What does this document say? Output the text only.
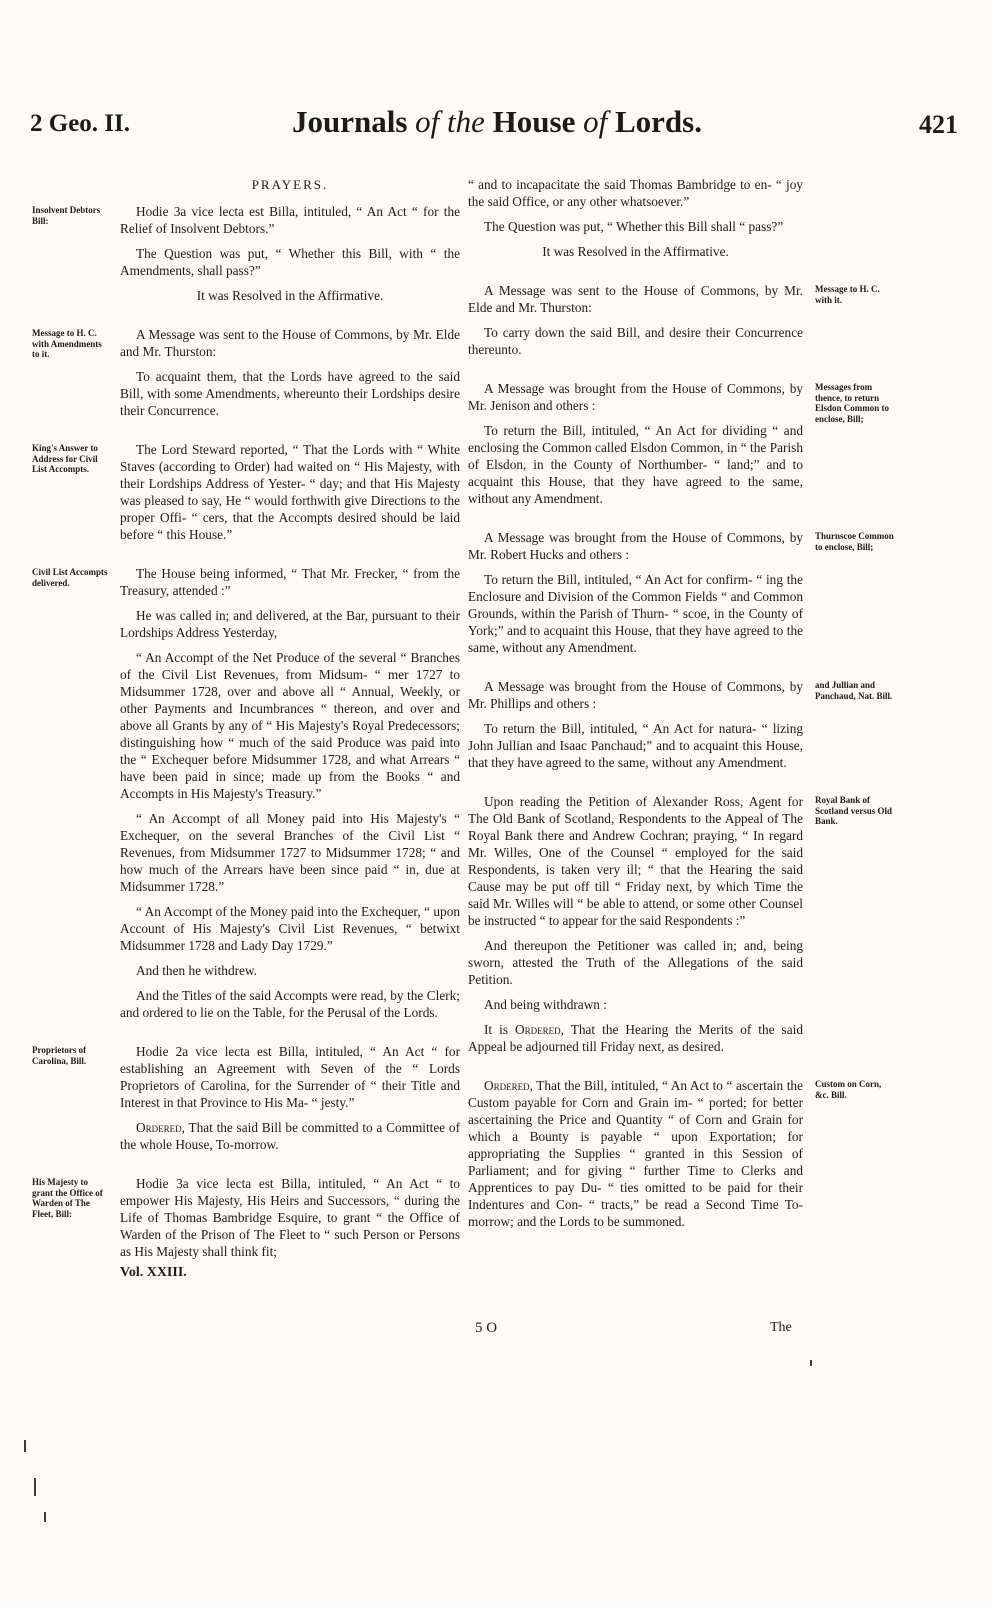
2 Geo. II.	Journals of the House of Lords.	421
PRAYERS.
Insolvent Debtors Bill:

Hodie 3a vice lecta est Billa, intituled, “ An Act “ for the Relief of Insolvent Debtors.”

The Question was put, “ Whether this Bill, with “ the Amendments, shall pass?”

It was Resolved in the Affirmative.

Message to H. C. with Amendments to it.

A Message was sent to the House of Commons, by Mr. Elde and Mr. Thurston:

To acquaint them, that the Lords have agreed to the said Bill, with some Amendments, whereunto their Lordships desire their Concurrence.

King's Answer to Address for Civil List Accompts.

The Lord Steward reported, “ That the Lords with “ White Staves (according to Order) had waited on “ His Majesty, with their Lordships Address of Yester- “ day; and that His Majesty was pleased to say, He “ would forthwith give Directions to the proper Offi- “ cers, that the Accompts desired should be laid before “ this House.”

Civil List Accompts delivered.

The House being informed, “ That Mr. Frecker, “ from the Treasury, attended :”

He was called in; and delivered, at the Bar, pursuant to their Lordships Address Yesterday,

“ An Accompt of the Net Produce of the several “ Branches of the Civil List Revenues, from Midsum- “ mer 1727 to Midsummer 1728, over and above all “ Annual, Weekly, or other Payments and Incumbrances “ thereon, and over and above all Grants by any of “ His Majesty's Royal Predecessors; distinguishing how “ much of the said Produce was paid into the “ Exchequer before Midsummer 1728, and what Arrears “ have been paid in since; made up from the Books “ and Accompts in His Majesty's Treasury.”

“ An Accompt of all Money paid into His Majesty's “ Exchequer, on the several Branches of the Civil List “ Revenues, from Midsummer 1727 to Midsummer 1728; “ and how much of the Arrears have been since paid “ in, due at Midsummer 1728.”

“ An Accompt of the Money paid into the Exchequer, “ upon Account of His Majesty's Civil List Revenues, “ betwixt Midsummer 1728 and Lady Day 1729.”

And then he withdrew.

And the Titles of the said Accompts were read, by the Clerk; and ordered to lie on the Table, for the Perusal of the Lords.

Proprietors of Carolina, Bill.

Hodie 2a vice lecta est Billa, intituled, “ An Act “ for establishing an Agreement with Seven of the “ Lords Proprietors of Carolina, for the Surrender of “ their Title and Interest in that Province to His Ma- “ jesty.”

Ordered, That the said Bill be committed to a Committee of the whole House, To-morrow.

His Majesty to grant the Office of Warden of The Fleet, Bill:

Hodie 3a vice lecta est Billa, intituled, “ An Act “ to empower His Majesty, His Heirs and Successors, “ during the Life of Thomas Bambridge Esquire, to grant “ the Office of Warden of the Prison of The Fleet to “ such Person or Persons as His Majesty shall think fit;

Vol. XXIII.

“ and to incapacitate the said Thomas Bambridge to en- “ joy the said Office, or any other whatsoever.”

The Question was put, “ Whether this Bill shall “ pass?”

It was Resolved in the Affirmative.

Message to H. C. with it.

A Message was sent to the House of Commons, by Mr. Elde and Mr. Thurston:

To carry down the said Bill, and desire their Concurrence thereunto.

Messages from thence, to return Elsdon Common to enclose, Bill;

A Message was brought from the House of Commons, by Mr. Jenison and others :

To return the Bill, intituled, “ An Act for dividing “ and enclosing the Common called Elsdon Common, in “ the Parish of Elsdon, in the County of Northumber- “ land;” and to acquaint this House, that they have agreed to the same, without any Amendment.

Thurnscoe Common to enclose, Bill;

A Message was brought from the House of Commons, by Mr. Robert Hucks and others :

To return the Bill, intituled, “ An Act for confirm- “ ing the Enclosure and Division of the Common Fields “ and Common Grounds, within the Parish of Thurn- “ scoe, in the County of York;” and to acquaint this House, that they have agreed to the same, without any Amendment.

and Jullian and Panchaud, Nat. Bill.

A Message was brought from the House of Commons, by Mr. Phillips and others :

To return the Bill, intituled, “ An Act for natura- “ lizing John Jullian and Isaac Panchaud;” and to acquaint this House, that they have agreed to the same, without any Amendment.

Royal Bank of Scotland versus Old Bank.

Upon reading the Petition of Alexander Ross, Agent for The Old Bank of Scotland, Respondents to the Appeal of The Royal Bank there and Andrew Cochran; praying, “ In regard Mr. Willes, One of the Counsel “ employed for the said Respondents, is taken very ill; “ that the Hearing the said Cause may be put off till “ Friday next, by which Time the said Mr. Willes will “ be able to attend, or some other Counsel be instructed “ to appear for the said Respondents :”

And thereupon the Petitioner was called in; and, being sworn, attested the Truth of the Allegations of the said Petition.

And being withdrawn :

It is Ordered, That the Hearing the Merits of the said Appeal be adjourned till Friday next, as desired.

Custom on Corn, &c. Bill.

Ordered, That the Bill, intituled, “ An Act to “ ascertain the Custom payable for Corn and Grain im- “ ported; for better ascertaining the Price and Quantity “ of Corn and Grain for which a Bounty is payable “ upon Exportation; for appropriating the Supplies “ granted in this Session of Parliament; and for giving “ further Time to Clerks and Apprentices to pay Du- “ ties omitted to be paid for their Indentures and Con- “ tracts,” be read a Second Time To-morrow; and the Lords to be summoned.

5 O	The
